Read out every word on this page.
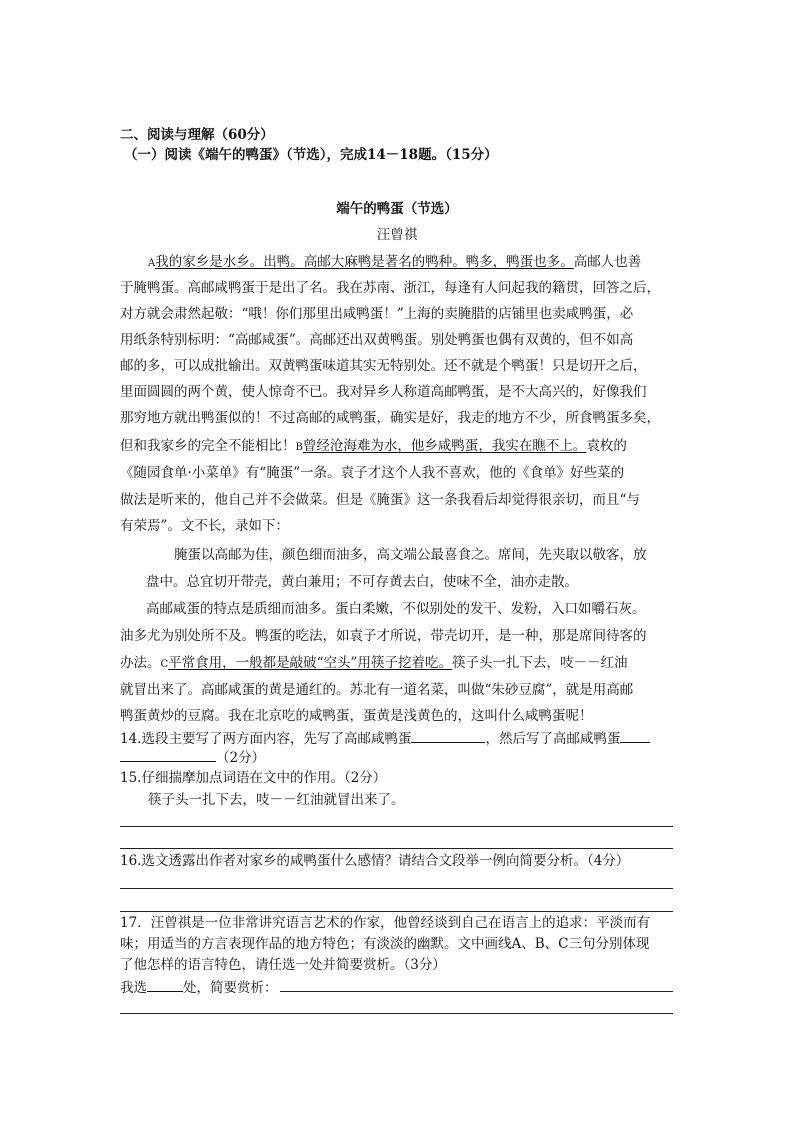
二、阅读与理解（60分）
（一）阅读《端午的鸭蛋》（节选），完成14－18题。（15分）
端午的鸭蛋（节选）
汪曾祺
A我的家乡是水乡。出鸭。高邮大麻鸭是著名的鸭种。鸭多，鸭蛋也多。高邮人也善
于腌鸭蛋。高邮咸鸭蛋于是出了名。我在苏南、浙江，每逢有人问起我的籍贯，回答之后，
对方就会肃然起敬：“哦！你们那里出咸鸭蛋！”上海的卖腌腊的店铺里也卖咸鸭蛋，必
用纸条特别标明：“高邮咸蛋”。高邮还出双黄鸭蛋。别处鸭蛋也偶有双黄的，但不如高
邮的多，可以成批输出。双黄鸭蛋味道其实无特别处。还不就是个鸭蛋！只是切开之后，
里面圆圆的两个黄，使人惊奇不已。我对异乡人称道高邮鸭蛋，是不大高兴的，好像我们
那穷地方就出鸭蛋似的！不过高邮的咸鸭蛋，确实是好，我走的地方不少，所食鸭蛋多矣，
但和我家乡的完全不能相比！B曾经沧海难为水，他乡咸鸭蛋，我实在瞧不上。袁枚的
《随园食单·小菜单》有“腌蛋”一条。袁子才这个人我不喜欢，他的《食单》好些菜的
做法是听来的，他自己并不会做菜。但是《腌蛋》这一条我看后却觉得很亲切，而且“与
有荣焉”。文不长，录如下：
腌蛋以高邮为佳，颜色细而油多，高文端公最喜食之。席间，先夹取以敬客，放
盘中。总宜切开带壳，黄白兼用；不可存黄去白，使味不全，油亦走散。
高邮咸蛋的特点是质细而油多。蛋白柔嫩，不似别处的发干、发粉，入口如嚼石灰。
油多尤为别处所不及。鸭蛋的吃法，如袁子才所说，带壳切开，是一种，那是席间待客的
办法。C平常食用，一般都是敲破“空头”用筷子挖着吃。筷子头一扎下去，吱－－红油
就冒出来了。高邮咸蛋的黄是通红的。苏北有一道名菜，叫做“朱砂豆腐”，就是用高邮
鸭蛋黄炒的豆腐。我在北京吃的咸鸭蛋，蛋黄是浅黄色的，这叫什么咸鸭蛋呢！
14.选段主要写了两方面内容，先写了高邮咸鸭蛋	，然后写了高邮咸鸭蛋
（2分）
15.仔细揣摩加点词语在文中的作用。（2分）
筷子头一扎下去，吱－－红油就冒出来了。
16.选文透露出作者对家乡的咸鸭蛋什么感情？请结合文段举一例向简要分析。（4分）
17．汪曾祺是一位非常讲究语言艺术的作家，他曾经谈到自己在语言上的追求：平淡而有
味；用适当的方言表现作品的地方特色；有淡淡的幽默。文中画线A、B、C三句分别体现
了他怎样的语言特色，请任选一处并简要赏析。（3分）
我选	处，简要赏析：
